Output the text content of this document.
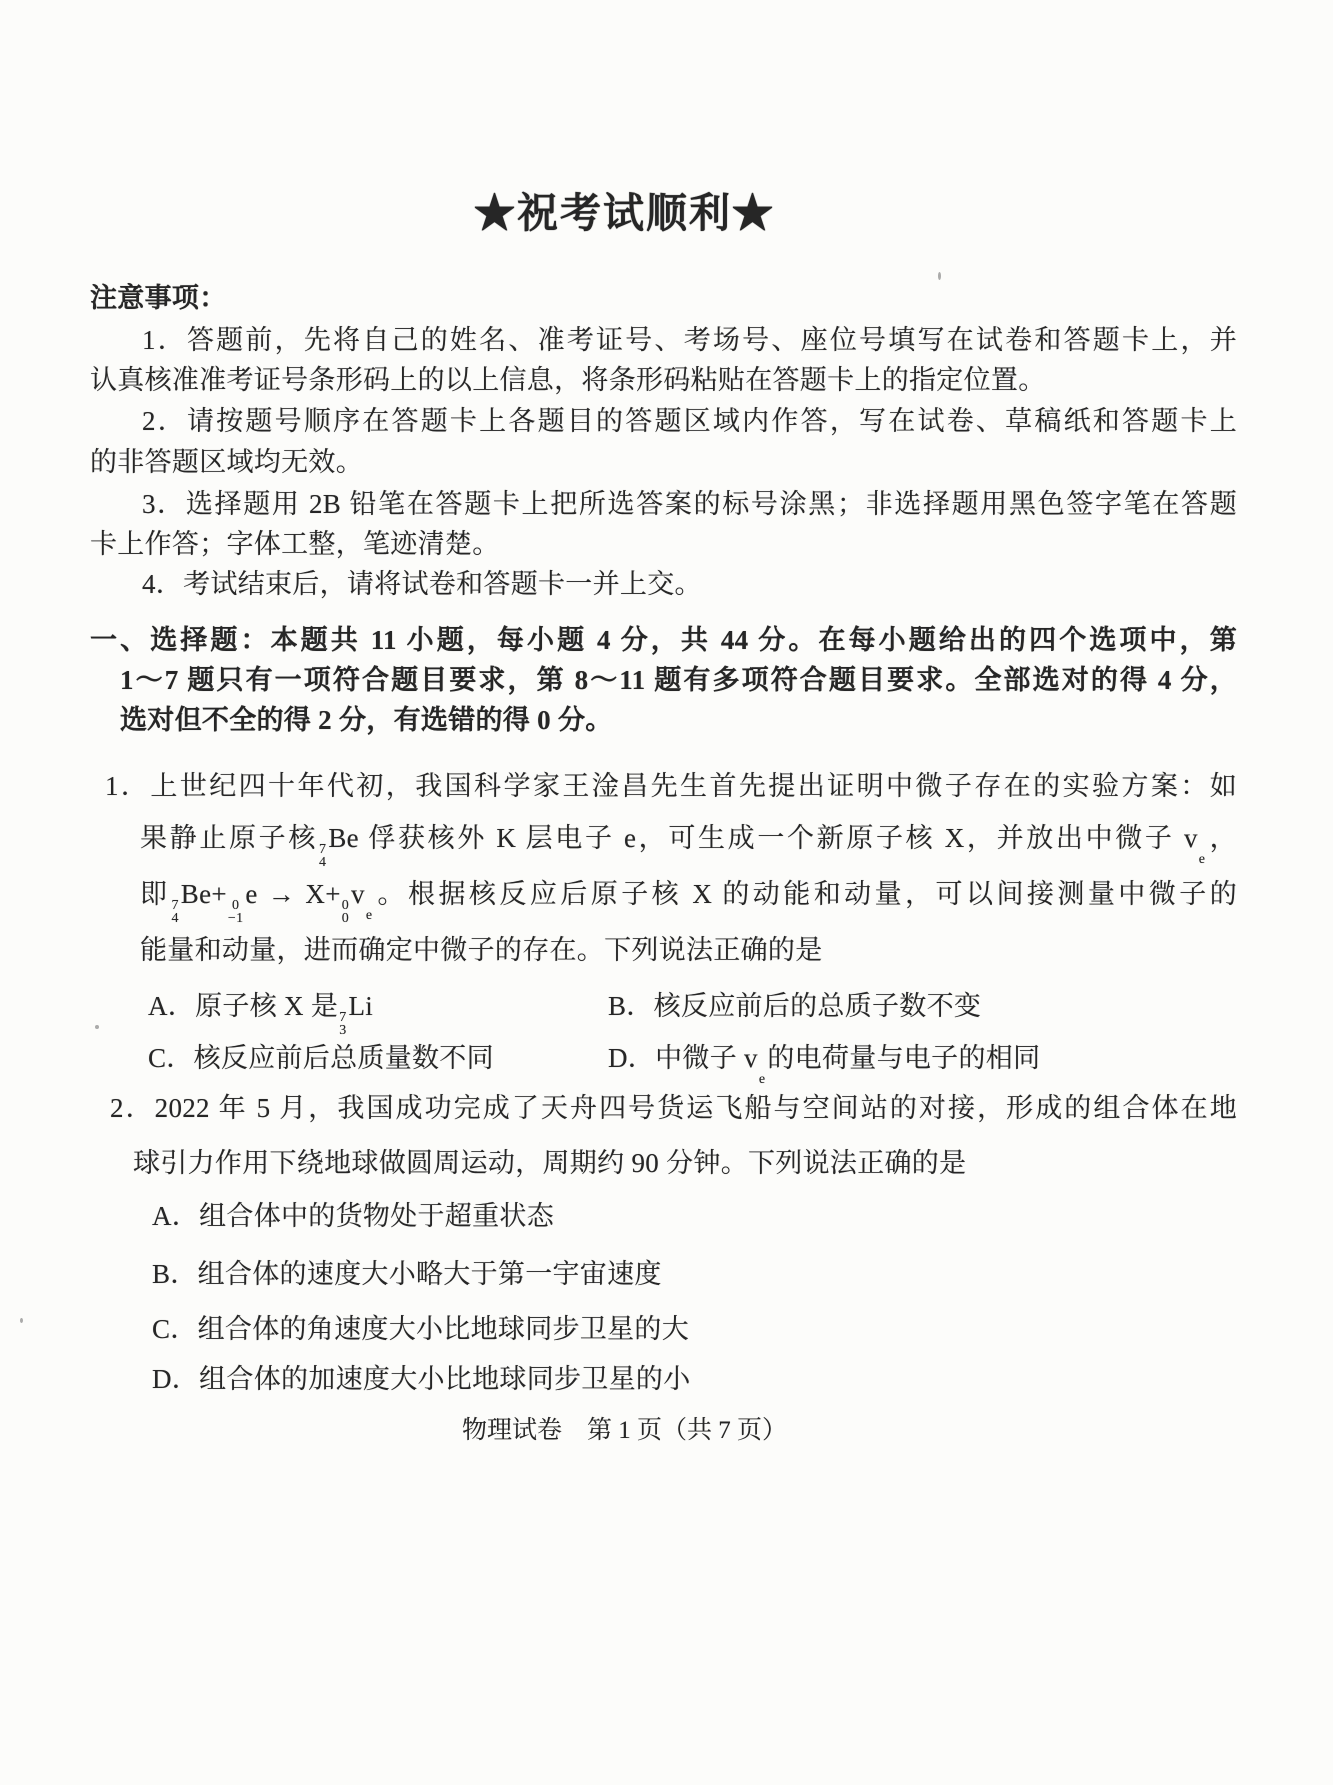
★祝考试顺利★
注意事项：
1．答题前，先将自己的姓名、准考证号、考场号、座位号填写在试卷和答题卡上，并
认真核准准考证号条形码上的以上信息，将条形码粘贴在答题卡上的指定位置。
2．请按题号顺序在答题卡上各题目的答题区域内作答，写在试卷、草稿纸和答题卡上
的非答题区域均无效。
3．选择题用 2B 铅笔在答题卡上把所选答案的标号涂黑；非选择题用黑色签字笔在答题
卡上作答；字体工整，笔迹清楚。
4．考试结束后，请将试卷和答题卡一并上交。
一、选择题：本题共 11 小题，每小题 4 分，共 44 分。在每小题给出的四个选项中，第
1～7 题只有一项符合题目要求，第 8～11 题有多项符合题目要求。全部选对的得 4 分，
选对但不全的得 2 分，有选错的得 0 分。
1．上世纪四十年代初，我国科学家王淦昌先生首先提出证明中微子存在的实验方案：如
果静止原子核 7
4
Be 俘获核外 K 层电子 e，可生成一个新原子核 X，并放出中微子 v
e
，
即 7
4
Be+ 0
−1
e → X+ 0
0
v
e
。根据核反应后原子核 X 的动能和动量，可以间接测量中微子的
能量和动量，进而确定中微子的存在。下列说法正确的是
A．原子核 X 是 7
3
Li	B．核反应前后的总质子数不变
C．核反应前后总质量数不同	D．中微子 v
e
的电荷量与电子的相同
2．2022 年 5 月，我国成功完成了天舟四号货运飞船与空间站的对接，形成的组合体在地
球引力作用下绕地球做圆周运动，周期约 90 分钟。下列说法正确的是
A．组合体中的货物处于超重状态
B．组合体的速度大小略大于第一宇宙速度
C．组合体的角速度大小比地球同步卫星的大
D．组合体的加速度大小比地球同步卫星的小
物理试卷　第 1 页（共 7 页）
